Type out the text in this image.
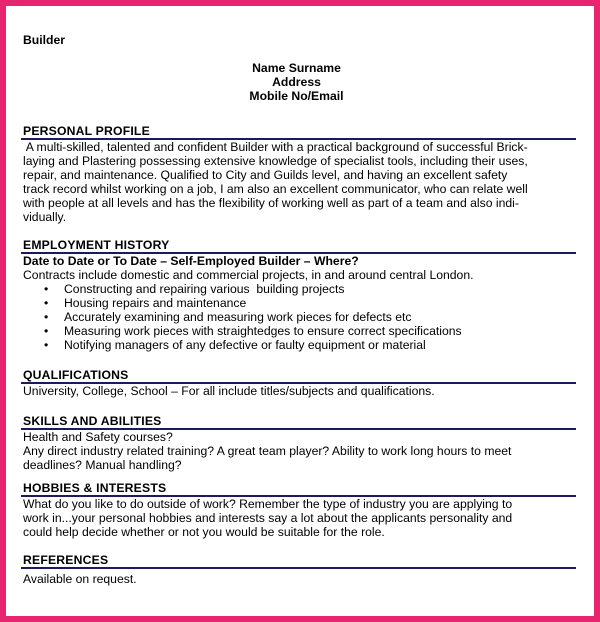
Builder
Name Surname
Address
Mobile No/Email
PERSONAL PROFILE
A multi-skilled, talented and confident Builder with a practical background of successful Brick-
laying and Plastering possessing extensive knowledge of specialist tools, including their uses,
repair, and maintenance. Qualified to City and Guilds level, and having an excellent safety
track record whilst working on a job, I am also an excellent communicator, who can relate well
with people at all levels and has the flexibility of working well as part of a team and also indi-
vidually.
EMPLOYMENT HISTORY
Date to Date or To Date – Self-Employed Builder – Where?
Contracts include domestic and commercial projects, in and around central London.
• Constructing and repairing various  building projects
• Housing repairs and maintenance
• Accurately examining and measuring work pieces for defects etc
• Measuring work pieces with straightedges to ensure correct specifications
• Notifying managers of any defective or faulty equipment or material
QUALIFICATIONS
University, College, School – For all include titles/subjects and qualifications.
SKILLS AND ABILITIES
Health and Safety courses?
Any direct industry related training? A great team player? Ability to work long hours to meet
deadlines? Manual handling?
HOBBIES & INTERESTS
What do you like to do outside of work? Remember the type of industry you are applying to
work in...your personal hobbies and interests say a lot about the applicants personality and
could help decide whether or not you would be suitable for the role.
REFERENCES
Available on request.
